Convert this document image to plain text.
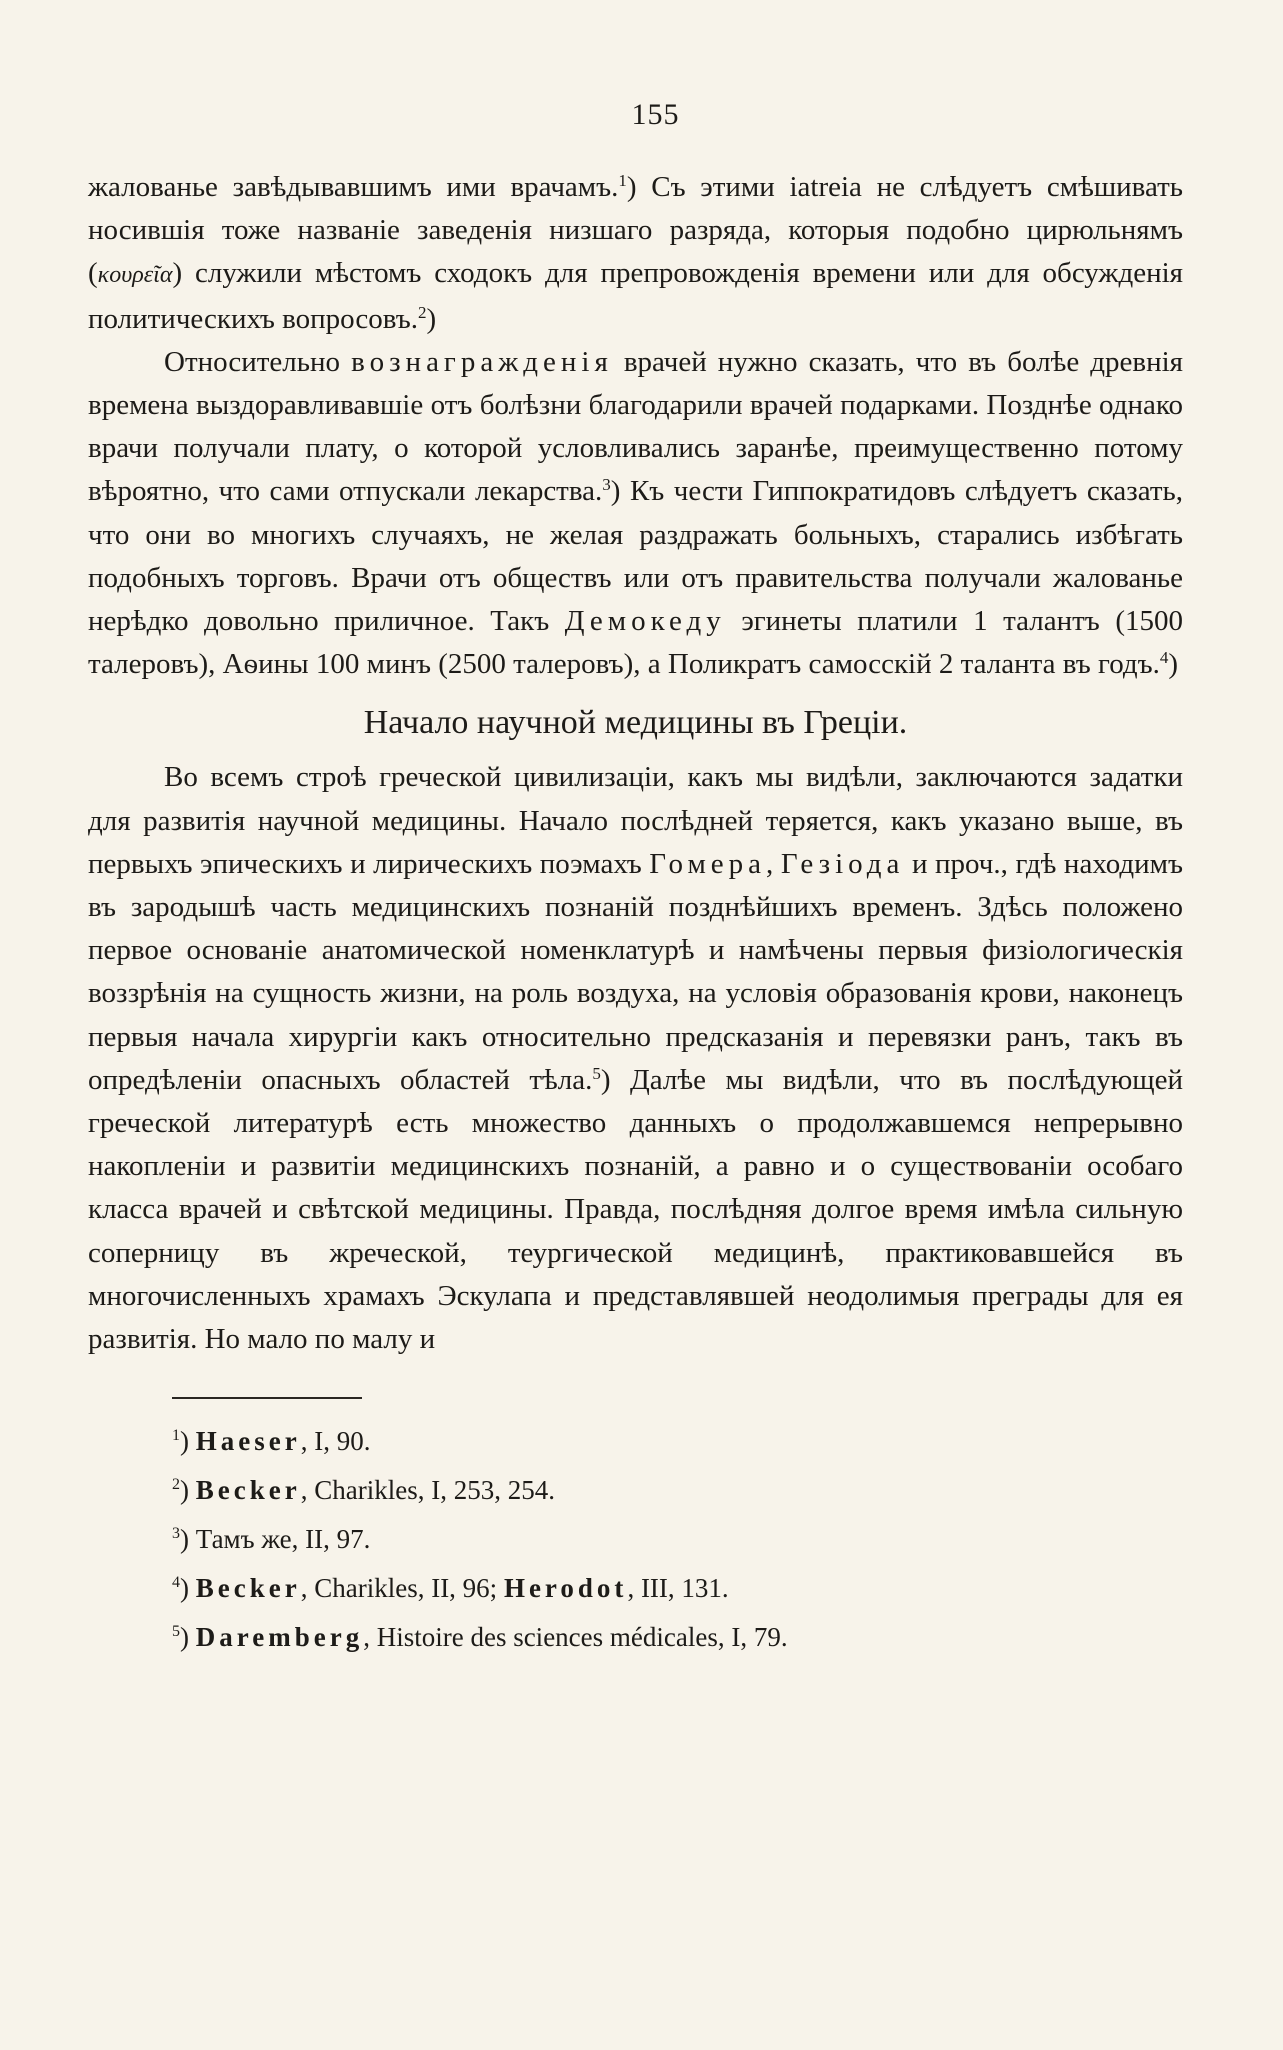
155

жалованье завѣдывавшимъ ими врачамъ.$^1$) Съ этими iatreia не слѣдуетъ смѣшивать носившія тоже названіе заведенія низшаго разряда, которыя подобно цирюльнямъ (κουρεῖα) служили мѣстомъ сходокъ для препровожденія времени или для обсужденія политическихъ вопросовъ.$^2$)

Относительно вознагражденія врачей нужно сказать, что въ болѣе древнія времена выздоравливавшіе отъ болѣзни благодарили врачей подарками. Позднѣе однако врачи получали плату, о которой условливались заранѣе, преимущественно потому вѣроятно, что сами отпускали лекарства.$^3$) Къ чести Гиппократидовъ слѣдуетъ сказать, что они во многихъ случаяхъ, не желая раздражать больныхъ, старались избѣгать подобныхъ торговъ. Врачи отъ обществъ или отъ правительства получали жалованье нерѣдко довольно приличное. Такъ Демокеду эгинеты платили 1 талантъ (1500 талеровъ), Аѳины 100 минъ (2500 талеровъ), а Поликратъ самосскій 2 таланта въ годъ.$^4$)

Начало научной медицины въ Греціи.

Во всемъ строѣ греческой цивилизаціи, какъ мы видѣли, заключаются задатки для развитія научной медицины. Начало послѣдней теряется, какъ указано выше, въ первыхъ эпическихъ и лирическихъ поэмахъ Гомера, Гезіода и проч., гдѣ находимъ въ зародышѣ часть медицинскихъ познаній позднѣйшихъ временъ. Здѣсь положено первое основаніе анатомической номенклатурѣ и намѣчены первыя физіологическія воззрѣнія на сущность жизни, на роль воздуха, на условія образованія крови, наконецъ первыя начала хирургіи какъ относительно предсказанія и перевязки ранъ, такъ въ опредѣленіи опасныхъ областей тѣла.$^5$) Далѣе мы видѣли, что въ послѣдующей греческой литературѣ есть множество данныхъ о продолжавшемся непрерывно накопленіи и развитіи медицинскихъ познаній, а равно и о существованіи особаго класса врачей и свѣтской медицины. Правда, послѣдняя долгое время имѣла сильную соперницу въ жреческой, теургической медицинѣ, практиковавшейся въ многочисленныхъ храмахъ Эскулапа и представлявшей неодолимыя преграды для ея развитія. Но мало по малу и

$^1$) Haeser, I, 90.
$^2$) Becker, Charikles, I, 253, 254.
$^3$) Тамъ же, II, 97.
$^4$) Becker, Charikles, II, 96; Herodot, III, 131.
$^5$) Daremberg, Histoire des sciences médicales, I, 79.
